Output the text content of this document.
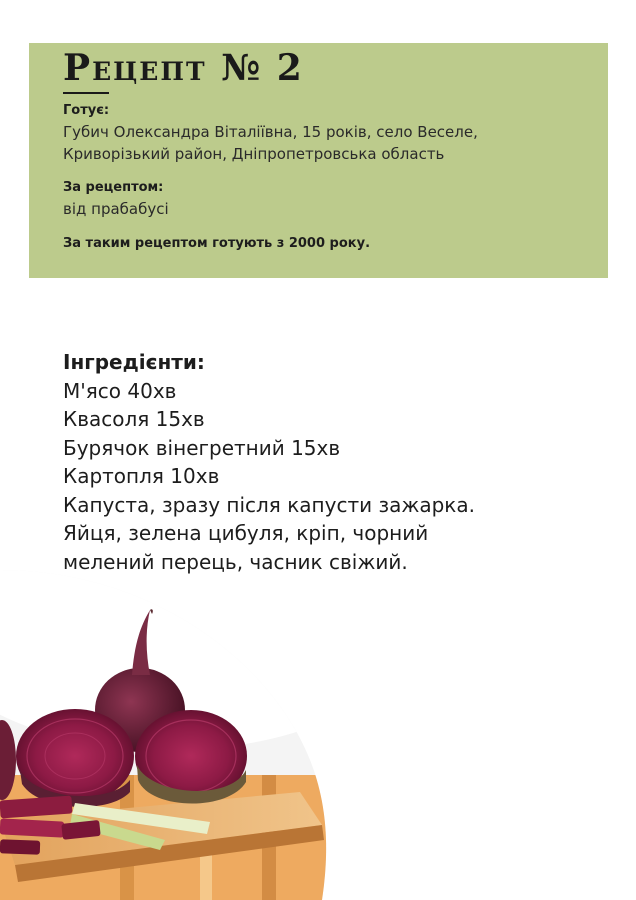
Рецепт № 2

Готує:

Губич Олександра Віталіївна, 15 років, село Веселе,

Криворізький район, Дніпропетровська область

За рецептом:

від прабабусі

За таким рецептом готують з 2000 року.

Інгредієнти:
М'ясо 40хв
Квасоля 15хв
Бурячок вінегретний 15хв
Картопля 10хв
Капуста, зразу після капусти зажарка.
Яйця, зелена цибуля, кріп, чорний
мелений перець, часник свіжий.
